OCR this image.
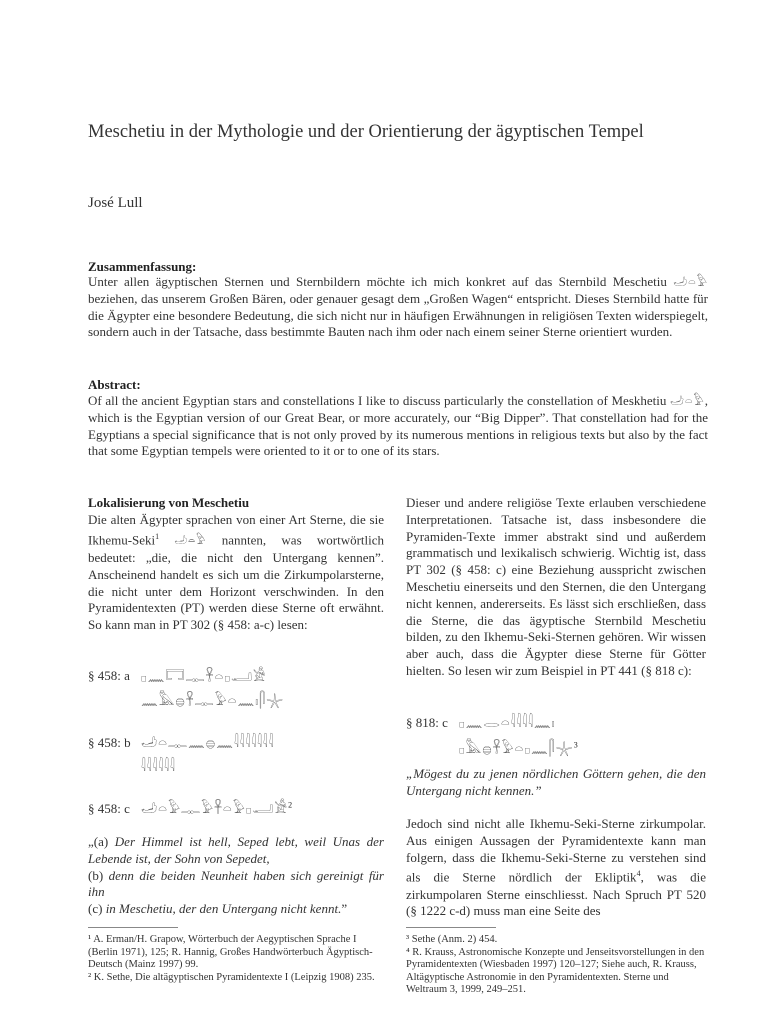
Meschetiu in der Mythologie und der Orientierung der ägyptischen Tempel
José Lull
Zusammenfassung:
Unter allen ägyptischen Sternen und Sternbildern möchte ich mich konkret auf das Sternbild Meschetiu 𓄒𓏏𓅱 beziehen, das unserem Großen Bären, oder genauer gesagt dem „Großen Wagen“ entspricht. Dieses Sternbild hatte für die Ägypter eine besondere Bedeutung, die sich nicht nur in häufigen Erwähnungen in religiösen Texten widerspiegelt, sondern auch in der Tatsache, dass bestimmte Bauten nach ihm oder nach einem seiner Sterne orientiert wurden.
Abstract:
Of all the ancient Egyptian stars and constellations I like to discuss particularly the constellation of Meskhetiu 𓄒𓏏𓅱, which is the Egyptian version of our Great Bear, or more accurately, our “Big Dipper”. That constellation had for the Egyptians a special significance that is not only proved by its numerous mentions in religious texts but also by the fact that some Egyptian tempels were oriented to it or to one of its stars.
Lokalisierung von Meschetiu
Die alten Ägypter sprachen von einer Art Sterne, die sie Ikhemu-Seki$^1$ 𓄒𓏏𓅱 nannten, was wortwörtlich bedeutet: „die, die nicht den Untergang kennen”. Anscheinend handelt es sich um die Zirkumpolarsterne, die nicht unter dem Horizont verschwinden. In den Pyramidentexten (PT) werden diese Sterne oft erwähnt. So kann man in PT 302 (§ 458: a-c) lesen:
§ 458: a 𓊪𓈖𓉐𓊃𓋹𓏏𓊪𓂝𓀀
𓈖𓅓𓐍𓋹𓊃𓅱𓏏𓈖𓏤𓋴𓇼
§ 458: b 𓄒𓏏𓊃𓈖𓐍𓈖𓇋𓇋𓇋𓇋𓇋𓇋𓇋
𓇋𓇋𓇋𓇋𓇋𓇋
§ 458: c 𓄒𓏏𓅱𓊃𓅱𓋹𓏏𓅱𓊪𓂝𓀀$^2$
„(a) Der Himmel ist hell, Seped lebt, weil Unas der Lebende ist, der Sohn von Sepedet,
(b) denn die beiden Neunheit haben sich gereinigt für ihn
(c) in Meschetiu, der den Untergang nicht kennt.”
¹ A. Erman/H. Grapow, Wörterbuch der Aegyptischen Sprache I (Berlin 1971), 125; R. Hannig, Großes Handwörterbuch Ägyptisch-Deutsch (Mainz 1997) 99.
² K. Sethe, Die altägyptischen Pyramidentexte I (Leipzig 1908) 235.
Dieser und andere religiöse Texte erlauben verschiedene Interpretationen. Tatsache ist, dass insbesondere die Pyramiden-Texte immer abstrakt sind und außerdem grammatisch und lexikalisch schwierig. Wichtig ist, dass PT 302 (§ 458: c) eine Beziehung ausspricht zwischen Meschetiu einerseits und den Sternen, die den Untergang nicht kennen, andererseits. Es lässt sich erschließen, dass die Sterne, die das ägyptische Sternbild Meschetiu bilden, zu den Ikhemu-Seki-Sternen gehören. Wir wissen aber auch, dass die Ägypter diese Sterne für Götter hielten. So lesen wir zum Beispiel in PT 441 (§ 818 c):
§ 818: c 𓊪𓈖𓂋𓏏𓇋𓇋𓇋𓇋𓈖𓏤
𓊪𓅓𓐍𓋹𓅱𓏏𓊪𓈖𓋴𓇼$^3$
„Mögest du zu jenen nördlichen Göttern gehen, die den Untergang nicht kennen.”
Jedoch sind nicht alle Ikhemu-Seki-Sterne zirkumpolar. Aus einigen Aussagen der Pyramidentexte kann man folgern, dass die Ikhemu-Seki-Sterne zu verstehen sind als die Sterne nördlich der Ekliptik$^4$, was die zirkumpolaren Sterne einschliesst. Nach Spruch PT 520 (§ 1222 c-d) muss man eine Seite des
³ Sethe (Anm. 2) 454.
⁴ R. Krauss, Astronomische Konzepte und Jenseitsvorstellungen in den Pyramidentexten (Wiesbaden 1997) 120–127; Siehe auch, R. Krauss, Altägyptische Astronomie in den Pyramidentexten. Sterne und Weltraum 3, 1999, 249–251.
